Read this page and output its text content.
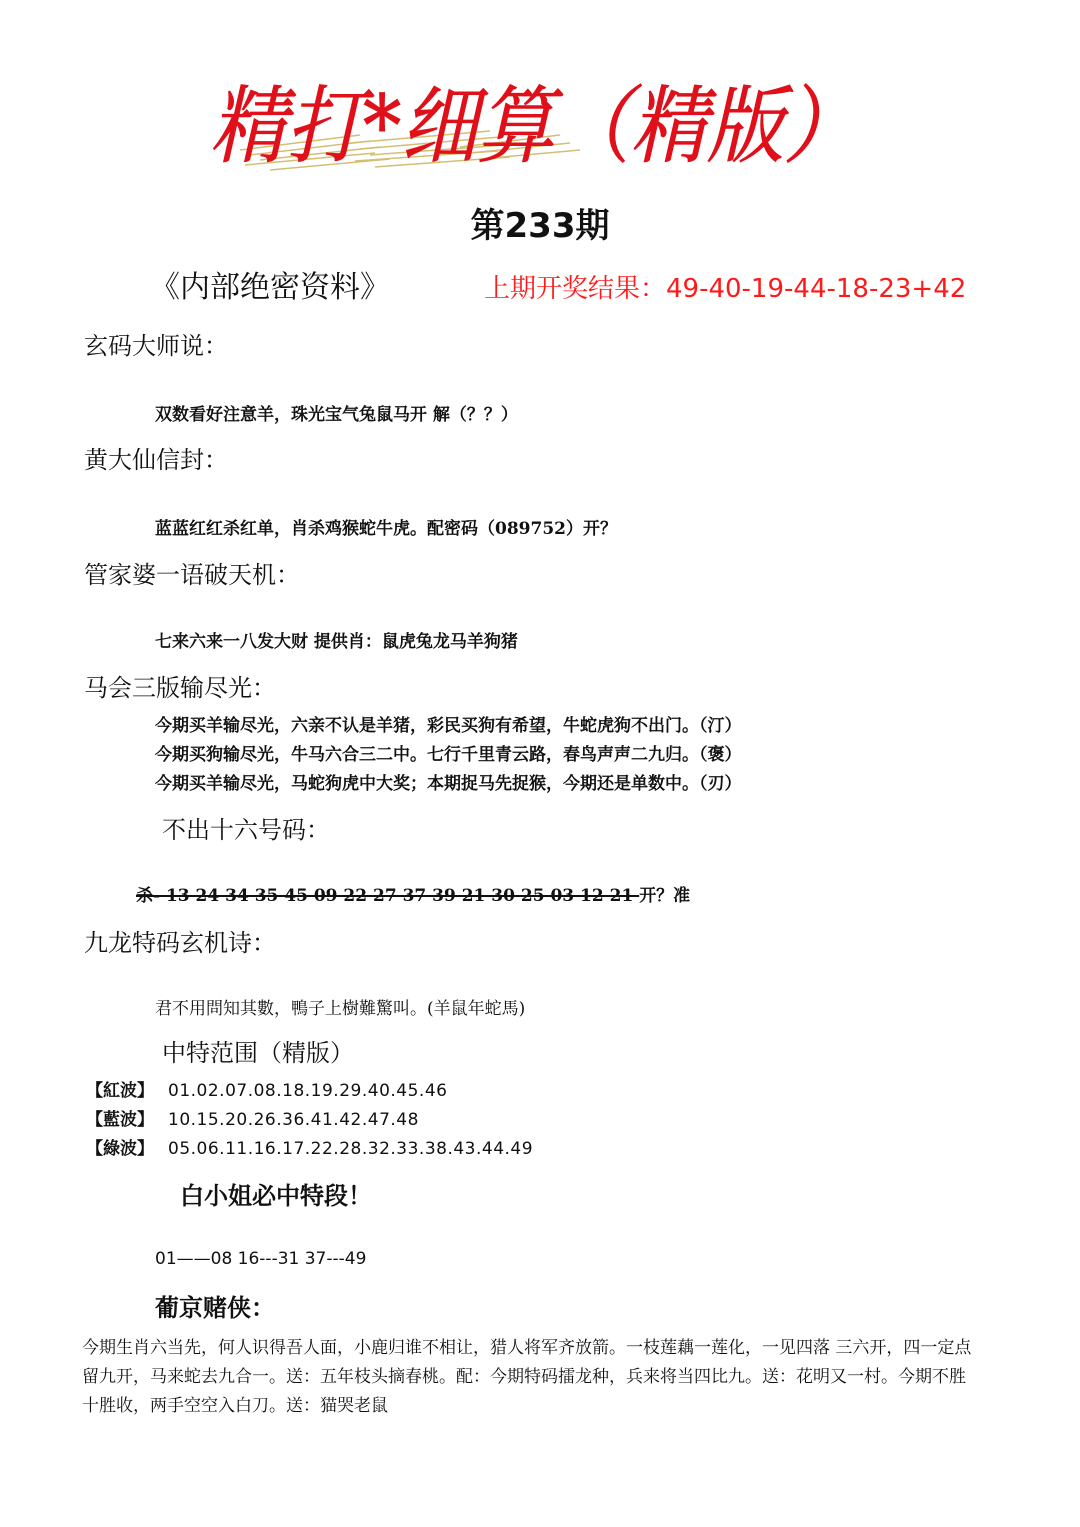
精打*细算（精版）
第233期
《内部绝密资料》	上期开奖结果：49-40-19-44-18-23+42
玄码大师说：
双数看好注意羊，珠光宝气兔鼠马开 解（？？）
黄大仙信封：
蓝蓝红红杀红单，肖杀鸡猴蛇牛虎。配密码（089752）开？
管家婆一语破天机：
七来六来一八发大财 提供肖：鼠虎兔龙马羊狗猪
马会三版输尽光：
今期买羊输尽光，六亲不认是羊猪，彩民买狗有希望，牛蛇虎狗不出门。（汀）
今期买狗输尽光，牛马六合三二中。七行千里青云路，春鸟声声二九归。（褒）
今期买羊输尽光，马蛇狗虎中大奖；本期捉马先捉猴，今期还是单数中。（刃）
不出十六号码：
杀- 13 24 34 35 45 09 22 27 37 39 21 30 25 03 12 21 开？准
九龙特码玄机诗：
君不用問知其數，鴨子上樹難驚叫。(羊鼠年蛇馬)
中特范围（精版）
【紅波】 01.02.07.08.18.19.29.40.45.46
【藍波】 10.15.20.26.36.41.42.47.48
【綠波】 05.06.11.16.17.22.28.32.33.38.43.44.49
白小姐必中特段！
01——08 16---31 37---49
葡京赌侠：
今期生肖六当先，何人识得吾人面，小鹿归谁不相让，猎人将军齐放箭。一枝莲藕一莲化，一见四落 三六开，四一定点留九开，马来蛇去九合一。送：五年枝头摘春桃。配：今期特码擂龙种，兵来将当四比九。送：花明又一村。今期不胜十胜收，两手空空入白刀。送：猫哭老鼠
